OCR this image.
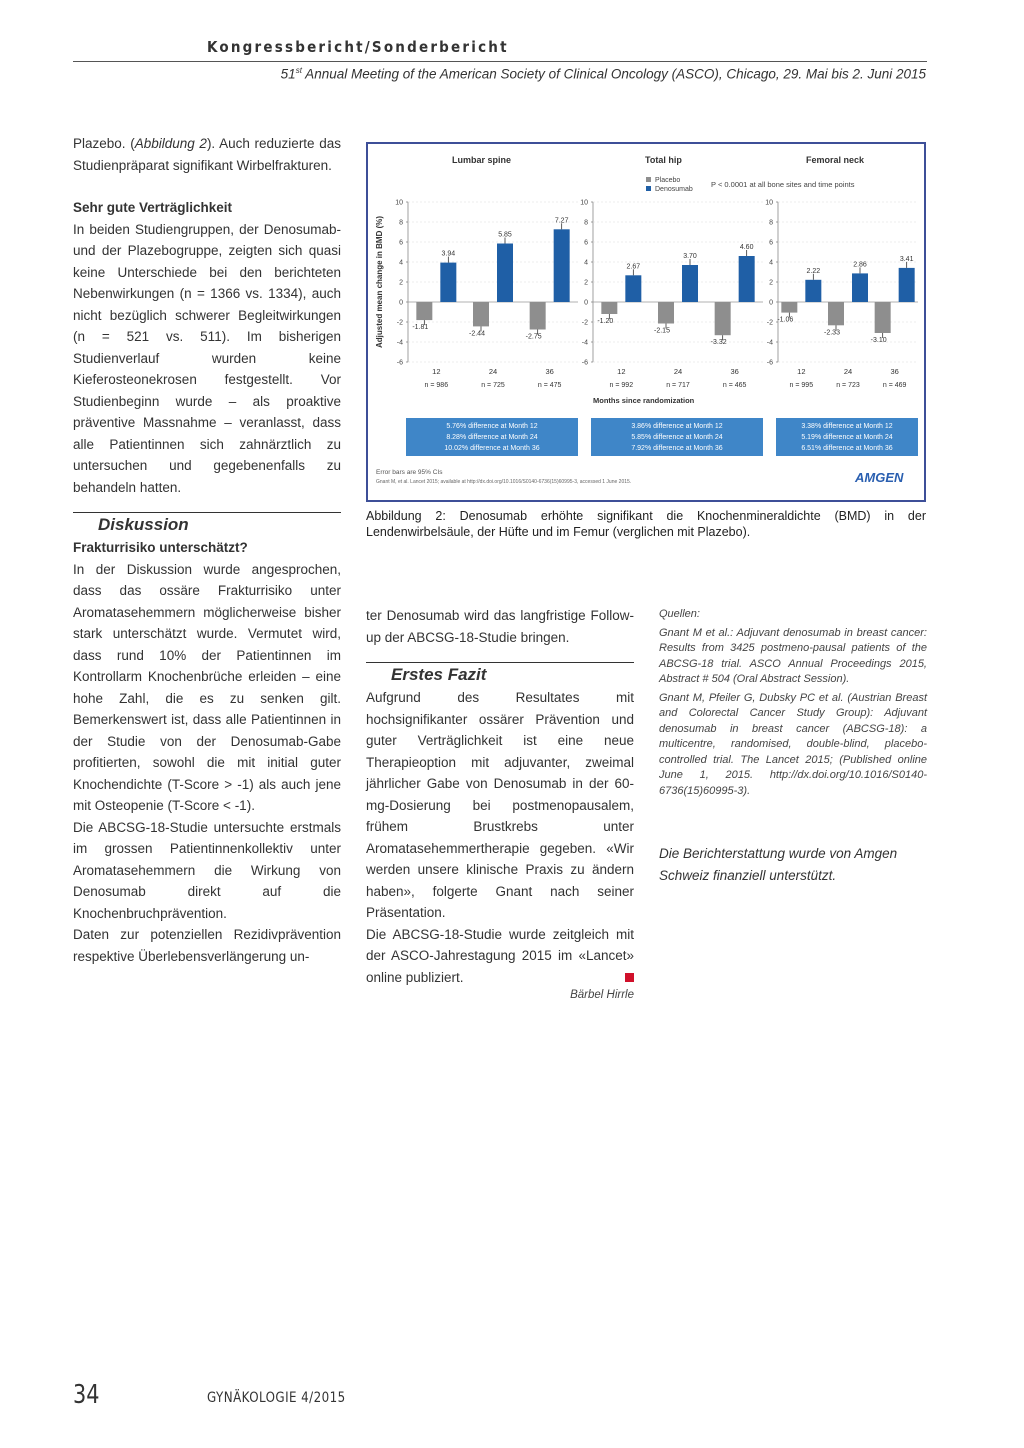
Kongressbericht/Sonderbericht
51st Annual Meeting of the American Society of Clinical Oncology (ASCO), Chicago, 29. Mai bis 2. Juni 2015

Plazebo. (Abbildung 2). Auch reduzierte das Studienpräparat signifikant Wirbelfrakturen.

Sehr gute Verträglichkeit

In beiden Studiengruppen, der Denosumab- und der Plazebogruppe, zeigten sich quasi keine Unterschiede bei den berichteten Nebenwirkungen (n = 1366 vs. 1334), auch nicht bezüglich schwerer Begleitwirkungen (n = 521 vs. 511). Im bisherigen Studienverlauf wurden keine Kieferosteonekrosen festgestellt. Vor Studienbeginn wurde – als proaktive präventive Massnahme – veranlasst, dass alle Patientinnen sich zahnärztlich zu untersuchen und gegebenenfalls zu behandeln hatten.

Diskussion

Frakturrisiko unterschätzt?

In der Diskussion wurde angesprochen, dass das ossäre Frakturrisiko unter Aromatasehemmern möglicherweise bisher stark unterschätzt wurde. Vermutet wird, dass rund 10% der Patientinnen im Kontrollarm Knochenbrüche erleiden – eine hohe Zahl, die es zu senken gilt. Bemerkenswert ist, dass alle Patientinnen in der Studie von der Denosumab-Gabe profitierten, sowohl die mit initial guter Knochendichte (T-Score > -1) als auch jene mit Osteopenie (T-Score < -1).

Die ABCSG-18-Studie untersuchte erstmals im grossen Patientinnenkollektiv unter Aromatasehemmern die Wirkung von Denosumab direkt auf die Knochenbruchprävention.

Daten zur potenziellen Rezidivprävention respektive Überlebensverlängerung un-

Adjusted mean change in BMD (%)
Placebo
Denosumab
P < 0.0001 at all bone sites and time points
Lumbar spine
-6
-4
-2
0
2
4
6
8
10
3.94
-1.81
12
n = 986
5.85
-2.44
24
n = 725
7.27
-2.75
36
n = 475
5.76% difference at Month 12
8.28% difference at Month 24
10.02% difference at Month 36
Total hip
-6
-4
-2
0
2
4
6
8
10
2.67
-1.20
12
n = 992
3.70
-2.15
24
n = 717
4.60
-3.32
36
n = 465
3.86% difference at Month 12
5.85% difference at Month 24
7.92% difference at Month 36
Femoral neck
-6
-4
-2
0
2
4
6
8
10
2.22
-1.06
12
n = 995
2.86
-2.33
24
n = 723
3.41
-3.10
36
n = 469
3.38% difference at Month 12
5.19% difference at Month 24
6.51% difference at Month 36
Months since randomization
Error bars are 95% CIs
Gnant M, et al. Lancet 2015; available at http://dx.doi.org/10.1016/S0140-6736(15)60995-3, accessed 1 June 2015.	AMGEN
Abbildung 2: Denosumab erhöhte signifikant die Knochenmineraldichte (BMD) in der Lendenwirbelsäule, der Hüfte und im Femur (verglichen mit Plazebo).

ter Denosumab wird das langfristige Follow-up der ABCSG-18-Studie bringen.

Erstes Fazit

Aufgrund des Resultates mit hochsignifikanter ossärer Prävention und guter Verträglichkeit ist eine neue Therapieoption mit adjuvanter, zweimal jährlicher Gabe von Denosumab in der 60-mg-Dosierung bei postmenopausalem, frühem Brustkrebs unter Aromatasehemmertherapie gegeben. «Wir werden unsere klinische Praxis zu ändern haben», folgerte Gnant nach seiner Präsentation.

Die ABCSG-18-Studie wurde zeitgleich mit der ASCO-Jahrestagung 2015 im «Lancet» online publiziert.

Bärbel Hirrle

Quellen:

Gnant M et al.: Adjuvant denosumab in breast cancer: Results from 3425 postmeno-pausal patients of the ABCSG-18 trial. ASCO Annual Proceedings 2015, Abstract # 504 (Oral Abstract Session).

Gnant M, Pfeiler G, Dubsky PC et al. (Austrian Breast and Colorectal Cancer Study Group): Adjuvant denosumab in breast cancer (ABCSG-18): a multicentre, randomised, double-blind, placebo-controlled trial. The Lancet 2015; (Published online June 1, 2015. http://dx.doi.org/10.1016/S0140-6736(15)60995-3).

Die Berichterstattung wurde von Amgen Schweiz finanziell unterstützt.
34	GYNÄKOLOGIE 4/2015
